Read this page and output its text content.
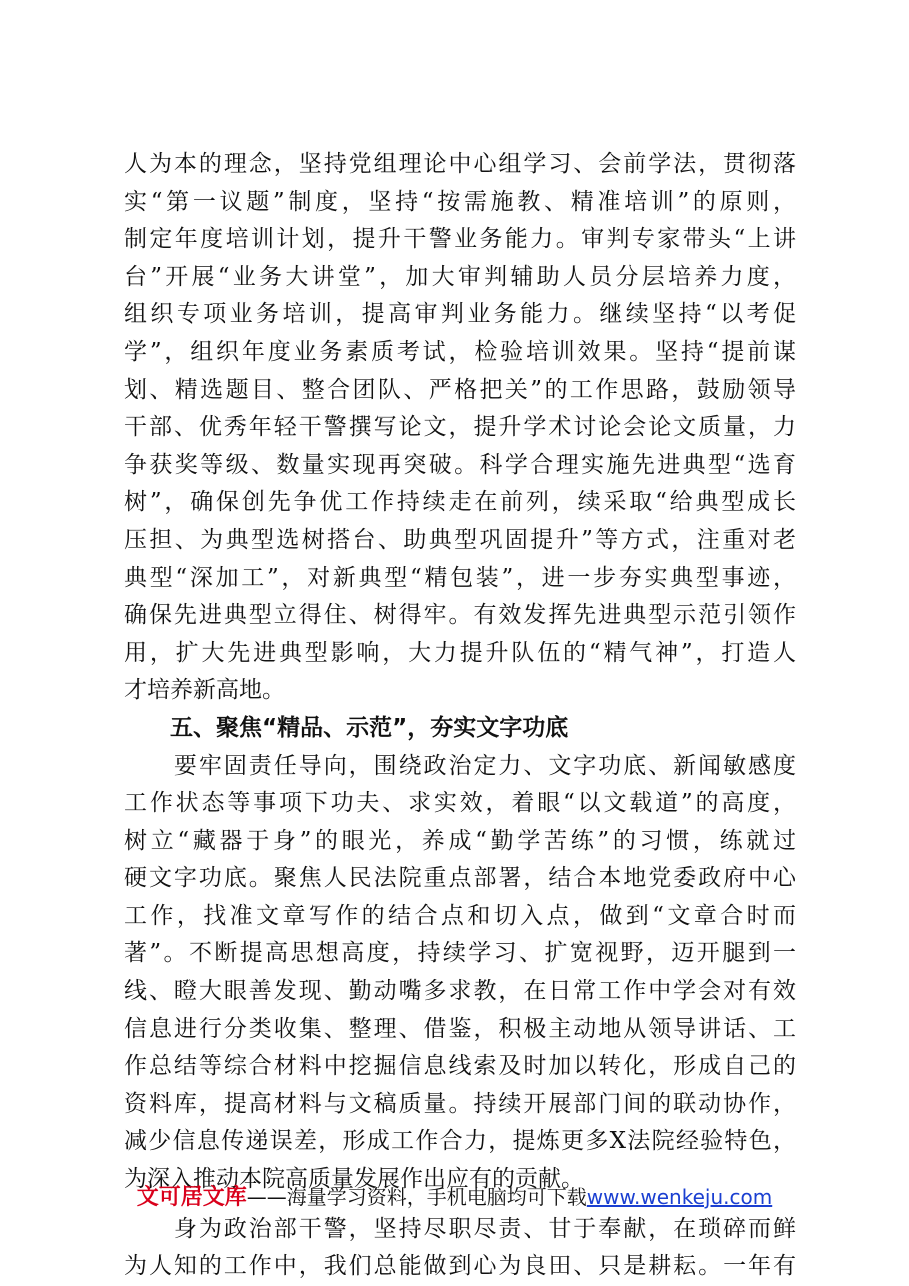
人为本的理念，坚持党组理论中心组学习、会前学法，贯彻落
实“第一议题”制度，坚持“按需施教、精准培训”的原则，
制定年度培训计划，提升干警业务能力。审判专家带头“上讲
台”开展“业务大讲堂”，加大审判辅助人员分层培养力度，
组织专项业务培训，提高审判业务能力。继续坚持“以考促
学”，组织年度业务素质考试，检验培训效果。坚持“提前谋
划、精选题目、整合团队、严格把关”的工作思路，鼓励领导
干部、优秀年轻干警撰写论文，提升学术讨论会论文质量，力
争获奖等级、数量实现再突破。科学合理实施先进典型“选育
树”，确保创先争优工作持续走在前列，续采取“给典型成长
压担、为典型选树搭台、助典型巩固提升”等方式，注重对老
典型“深加工”，对新典型“精包装”，进一步夯实典型事迹，
确保先进典型立得住、树得牢。有效发挥先进典型示范引领作
用，扩大先进典型影响，大力提升队伍的“精气神”，打造人
才培养新高地。
五、聚焦“精品、示范”，夯实文字功底
　　要牢固责任导向，围绕政治定力、文字功底、新闻敏感度
工作状态等事项下功夫、求实效，着眼“以文载道”的高度，
树立“藏器于身”的眼光，养成“勤学苦练”的习惯，练就过
硬文字功底。聚焦人民法院重点部署，结合本地党委政府中心
工作，找准文章写作的结合点和切入点，做到“文章合时而
著”。不断提高思想高度，持续学习、扩宽视野，迈开腿到一
线、瞪大眼善发现、勤动嘴多求教，在日常工作中学会对有效
信息进行分类收集、整理、借鉴，积极主动地从领导讲话、工
作总结等综合材料中挖掘信息线索及时加以转化，形成自己的
资料库，提高材料与文稿质量。持续开展部门间的联动协作，
减少信息传递误差，形成工作合力，提炼更多X法院经验特色，
为深入推动本院高质量发展作出应有的贡献。
　　身为政治部干警，坚持尽职尽责、甘于奉献，在琐碎而鲜
为人知的工作中，我们总能做到心为良田、只是耕耘。一年有
文可居文库——海量学习资料，手机电脑均可下载www.wenkeju.com
